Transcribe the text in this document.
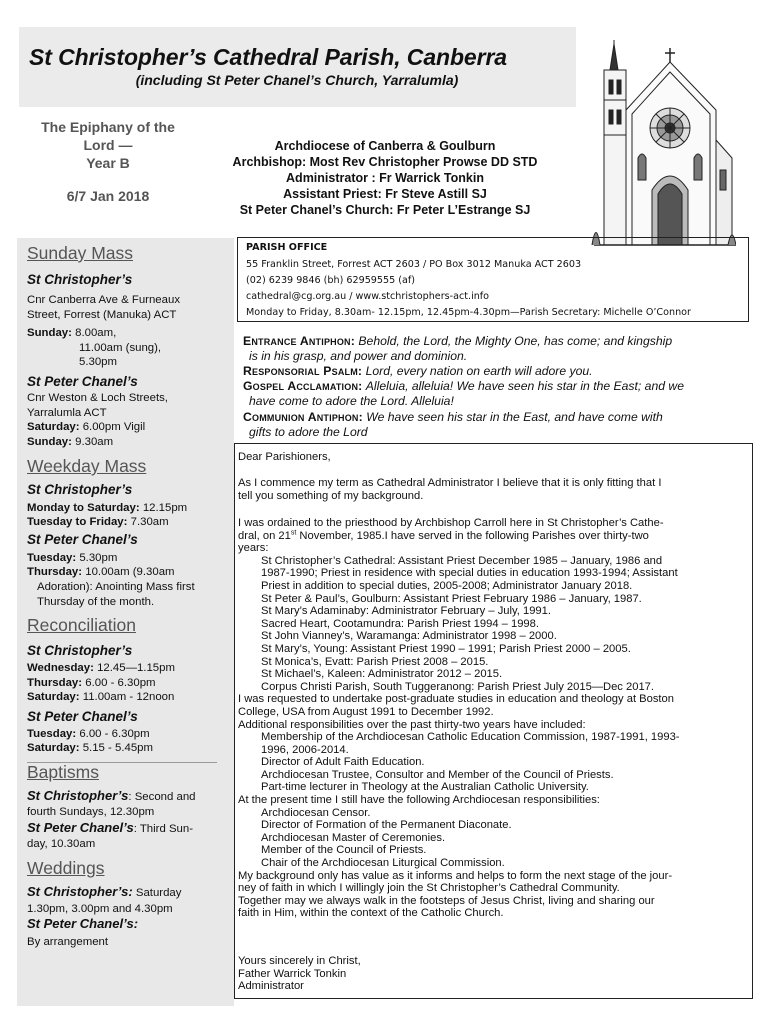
St Christopher’s Cathedral Parish, Canberra
(including St Peter Chanel’s Church, Yarralumla)
The Epiphany of the
Lord —
Year B
6/7 Jan 2018
Archdiocese of Canberra & Goulburn
Archbishop: Most Rev Christopher Prowse DD STD
Administrator : Fr Warrick Tonkin
Assistant Priest: Fr Steve Astill SJ
St Peter Chanel’s Church: Fr Peter L’Estrange SJ
Sunday Mass
St Christopher’s
Cnr Canberra Ave & Furneaux
Street, Forrest (Manuka) ACT
Sunday: 8.00am,
11.00am (sung),
5.30pm
St Peter Chanel’s
Cnr Weston & Loch Streets,
Yarralumla ACT
Saturday: 6.00pm Vigil
Sunday: 9.30am
Weekday Mass
St Christopher’s
Monday to Saturday: 12.15pm
Tuesday to Friday: 7.30am
St Peter Chanel’s
Tuesday: 5.30pm
Thursday: 10.00am (9.30am
Adoration): Anointing Mass first
Thursday of the month.
Reconciliation
St Christopher’s
Wednesday: 12.45—1.15pm
Thursday: 6.00 - 6.30pm
Saturday: 11.00am - 12noon
St Peter Chanel’s
Tuesday: 6.00 - 6.30pm
Saturday: 5.15 - 5.45pm
Baptisms
St Christopher’s: Second and
fourth Sundays, 12.30pm
St Peter Chanel’s: Third Sun-
day, 10.30am
Weddings
St Christopher’s: Saturday
1.30pm, 3.00pm and 4.30pm
St Peter Chanel’s:
By arrangement
PARISH OFFICE
55 Franklin Street, Forrest ACT 2603 / PO Box 3012 Manuka ACT 2603
(02) 6239 9846 (bh) 62959555 (af)
cathedral@cg.org.au / www.stchristophers-act.info
Monday to Friday, 8.30am- 12.15pm, 12.45pm-4.30pm—Parish Secretary: Michelle O’Connor
Entrance Antiphon: Behold, the Lord, the Mighty One, has come; and kingship
is in his grasp, and power and dominion.
Responsorial Psalm: Lord, every nation on earth will adore you.
Gospel Acclamation: Alleluia, alleluia! We have seen his star in the East; and we
have come to adore the Lord. Alleluia!
Communion Antiphon: We have seen his star in the East, and have come with
gifts to adore the Lord
Dear Parishioners,
As I commence my term as Cathedral Administrator I believe that it is only fitting that I
tell you something of my background.
I was ordained to the priesthood by Archbishop Carroll here in St Christopher’s Cathe-
dral, on 21st November, 1985.I have served in the following Parishes over thirty-two
years:
St Christopher’s Cathedral: Assistant Priest December 1985 – January, 1986 and
1987-1990; Priest in residence with special duties in education 1993-1994; Assistant
Priest in addition to special duties, 2005-2008; Administrator January 2018.
St Peter & Paul’s, Goulburn: Assistant Priest February 1986 – January, 1987.
St Mary’s Adaminaby: Administrator February – July, 1991.
Sacred Heart, Cootamundra: Parish Priest 1994 – 1998.
St John Vianney’s, Waramanga: Administrator 1998 – 2000.
St Mary’s, Young: Assistant Priest 1990 – 1991; Parish Priest 2000 – 2005.
St Monica’s, Evatt: Parish Priest 2008 – 2015.
St Michael’s, Kaleen: Administrator 2012 – 2015.
Corpus Christi Parish, South Tuggeranong: Parish Priest July 2015—Dec 2017.
I was requested to undertake post-graduate studies in education and theology at Boston
College, USA from August 1991 to December 1992.
Additional responsibilities over the past thirty-two years have included:
Membership of the Archdiocesan Catholic Education Commission, 1987-1991, 1993-
1996, 2006-2014.
Director of Adult Faith Education.
Archdiocesan Trustee, Consultor and Member of the Council of Priests.
Part-time lecturer in Theology at the Australian Catholic University.
At the present time I still have the following Archdiocesan responsibilities:
Archdiocesan Censor.
Director of Formation of the Permanent Diaconate.
Archdiocesan Master of Ceremonies.
Member of the Council of Priests.
Chair of the Archdiocesan Liturgical Commission.
My background only has value as it informs and helps to form the next stage of the jour-
ney of faith in which I willingly join the St Christopher’s Cathedral Community.
Together may we always walk in the footsteps of Jesus Christ, living and sharing our
faith in Him, within the context of the Catholic Church.
Yours sincerely in Christ,
Father Warrick Tonkin
Administrator
